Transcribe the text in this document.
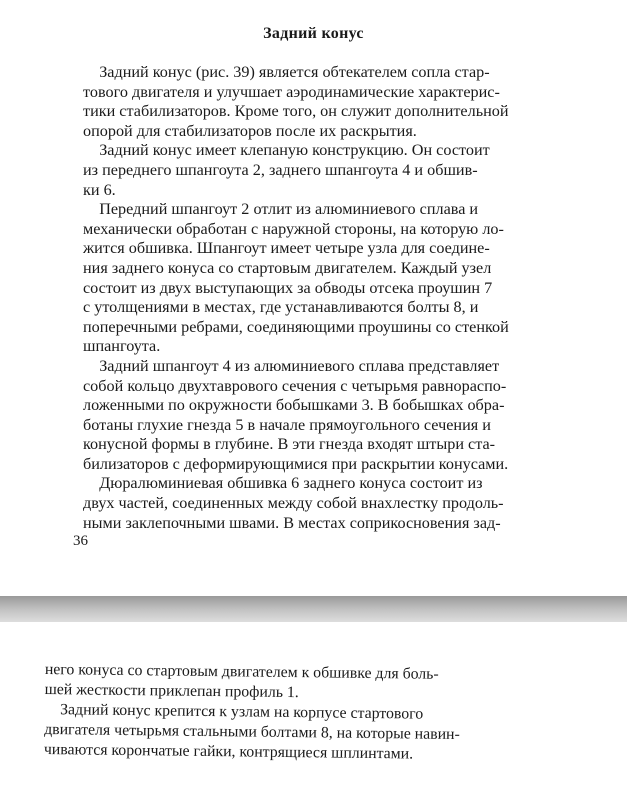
Задний конус
Задний конус (рис. 39) является обтекателем сопла стар-
тового двигателя и улучшает аэродинамические характерис-
тики стабилизаторов. Кроме того, он служит дополнительной
опорой для стабилизаторов после их раскрытия.
Задний конус имеет клепаную конструкцию. Он состоит
из переднего шпангоута 2, заднего шпангоута 4 и обшив-
ки 6.
Передний шпангоут 2 отлит из алюминиевого сплава и
механически обработан с наружной стороны, на которую ло-
жится обшивка. Шпангоут имеет четыре узла для соедине-
ния заднего конуса со стартовым двигателем. Каждый узел
состоит из двух выступающих за обводы отсека проушин 7
с утолщениями в местах, где устанавливаются болты 8, и
поперечными ребрами, соединяющими проушины со стенкой
шпангоута.
Задний шпангоут 4 из алюминиевого сплава представляет
собой кольцо двухтаврового сечения с четырьмя равнораспо-
ложенными по окружности бобышками 3. В бобышках обра-
ботаны глухие гнезда 5 в начале прямоугольного сечения и
конусной формы в глубине. В эти гнезда входят штыри ста-
билизаторов с деформирующимися при раскрытии конусами.
Дюралюминиевая обшивка 6 заднего конуса состоит из
двух частей, соединенных между собой внахлестку продоль-
ными заклепочными швами. В местах соприкосновения зад-
36
него конуса со стартовым двигателем к обшивке для боль-
шей жесткости приклепан профиль 1.
Задний конус крепится к узлам на корпусе стартового
двигателя четырьмя стальными болтами 8, на которые навин-
чиваются корончатые гайки, контрящиеся шплинтами.
